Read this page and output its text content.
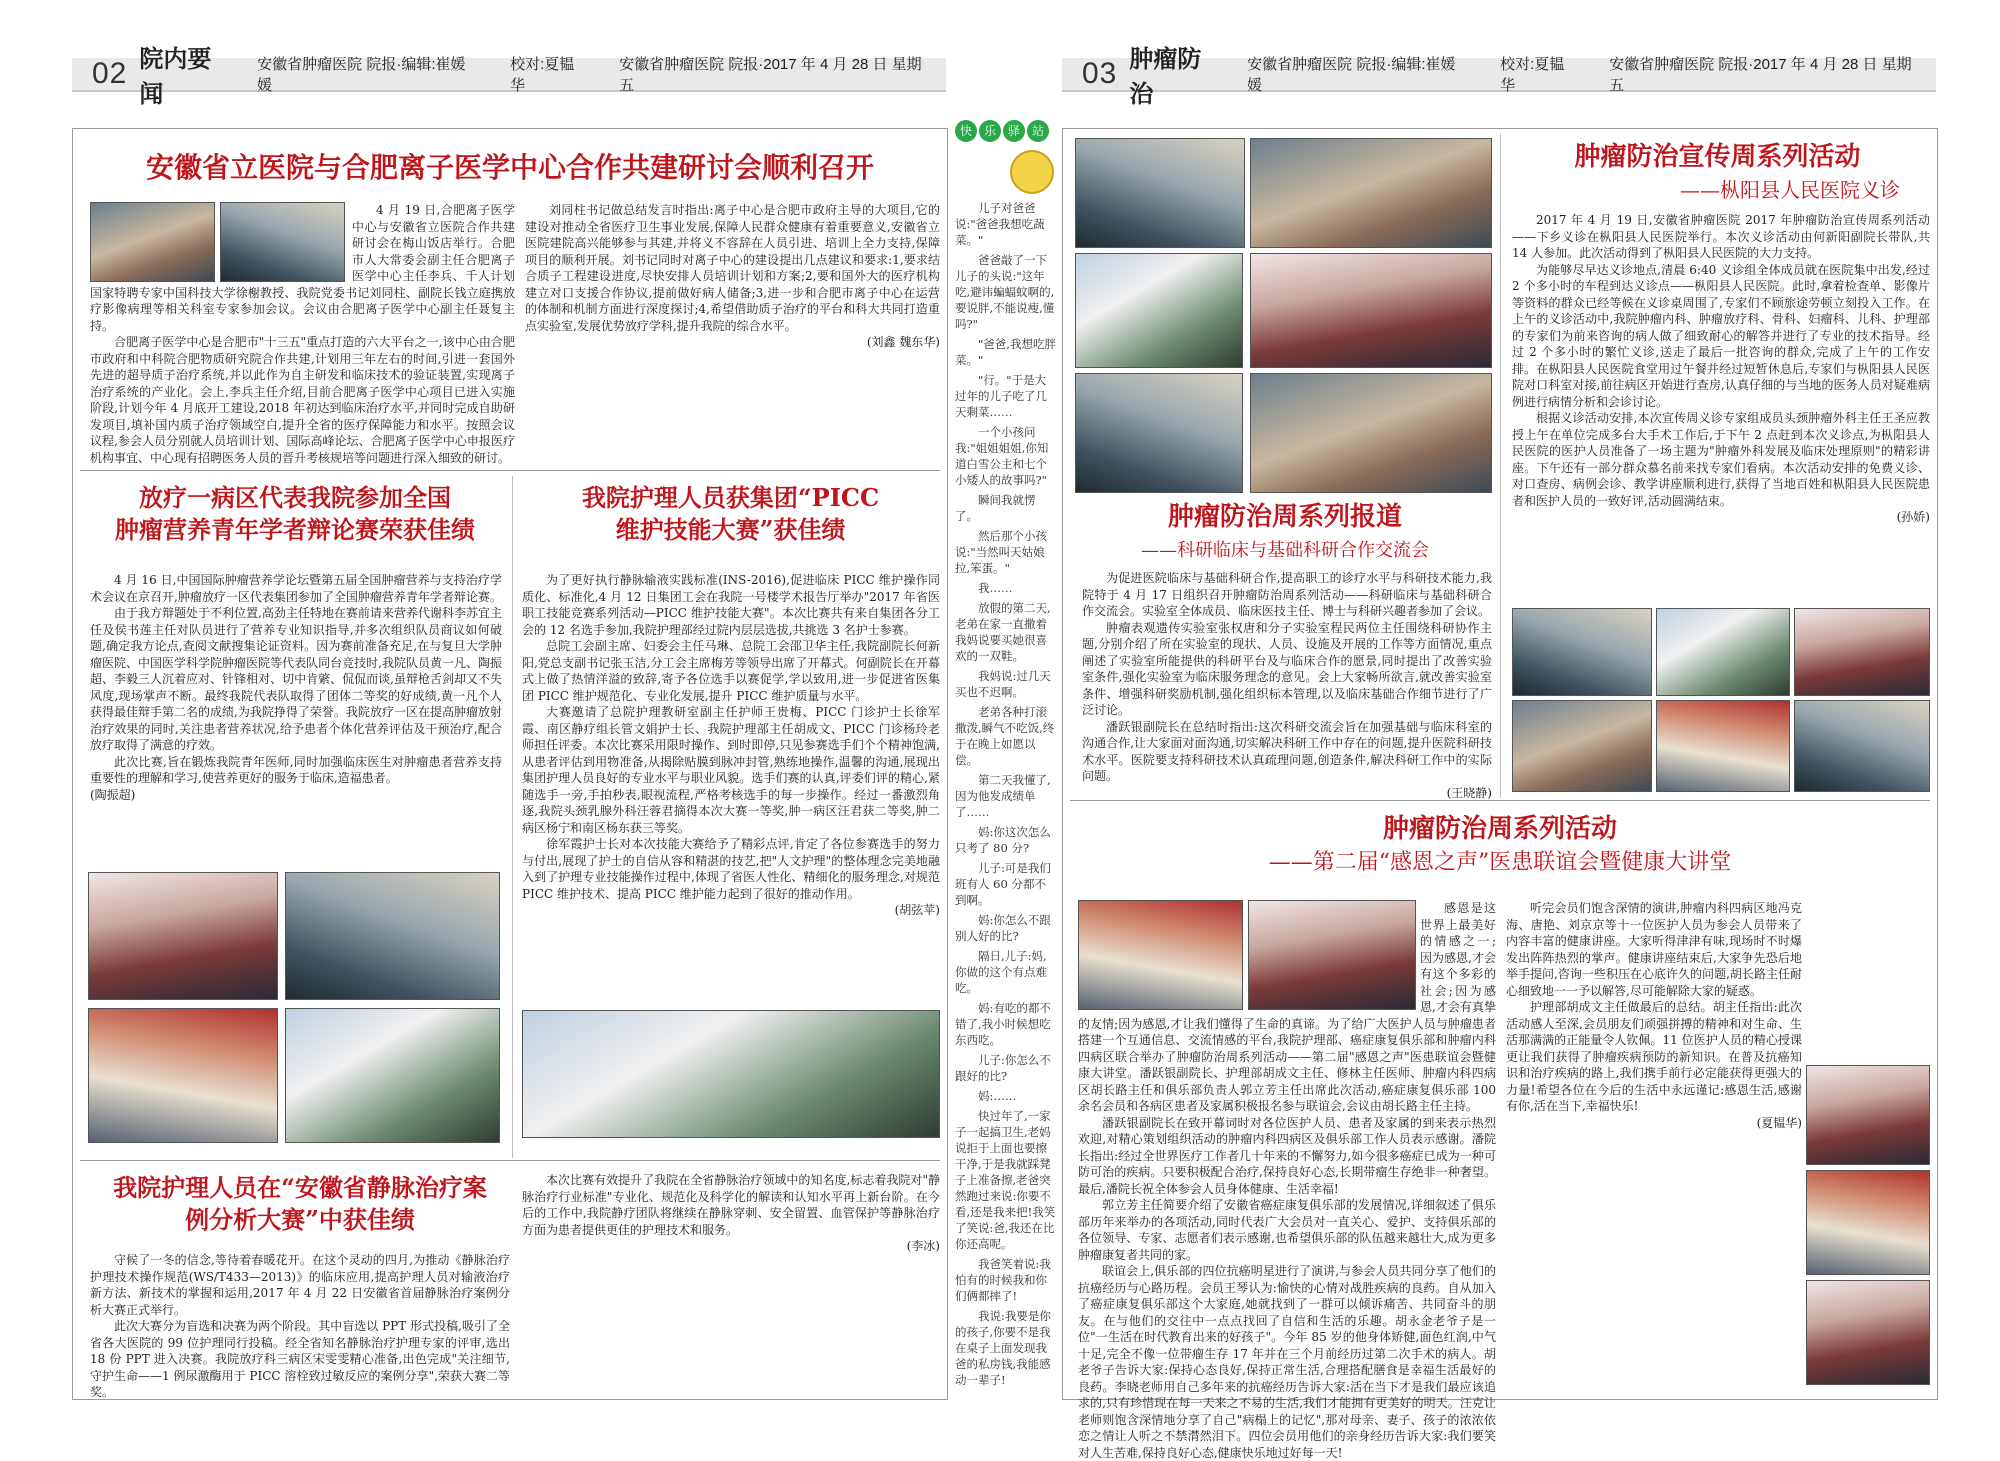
02 院内要闻
安徽省肿瘤医院 院报·编辑:崔媛媛
校对:夏韫华
安徽省肿瘤医院 院报·2017 年 4 月 28 日 星期五
安徽省立医院与合肥离子医学中心合作共建研讨会顺利召开

4 月 19 日,合肥离子医学中心与安徽省立医院合作共建研讨会在梅山饭店举行。合肥市人大常委会副主任合肥离子医学中心主任李兵、千人计划国家特聘专家中国科技大学徐榭教授、我院党委书记刘同柱、副院长钱立庭携放疗影像病理等相关科室专家参加会议。会议由合肥离子医学中心副主任聂复主持。

合肥离子医学中心是合肥市"十三五"重点打造的六大平台之一,该中心由合肥市政府和中科院合肥物质研究院合作共建,计划用三年左右的时间,引进一套国外先进的超导质子治疗系统,并以此作为自主研发和临床技术的验证装置,实现离子治疗系统的产业化。会上,李兵主任介绍,目前合肥离子医学中心项目已进入实施阶段,计划今年 4 月底开工建设,2018 年初达到临床治疗水平,并同时完成自助研发项目,填补国内质子治疗领域空白,提升全省的医疗保障能力和水平。按照会议议程,参会人员分别就人员培训计划、国际高峰论坛、合肥离子医学中心申报医疗机构事宜、中心现有招聘医务人员的晋升考核规培等问题进行深入细致的研讨。

刘同柱书记做总结发言时指出:离子中心是合肥市政府主导的大项目,它的建设对推动全省医疗卫生事业发展,保障人民群众健康有着重要意义,安徽省立医院建院高兴能够参与其建,并将义不容辞在人员引进、培训上全力支持,保障项目的顺利开展。刘书记同时对离子中心的建设提出几点建议和要求:1,要求结合质子工程建设进度,尽快安排人员培训计划和方案;2,要和国外大的医疗机构建立对口支援合作协议,提前做好病人储备;3,进一步和合肥市离子中心在运营的体制和机制方面进行深度探讨;4,希望借助质子治疗的平台和科大共同打造重点实验室,发展优势放疗学科,提升我院的综合水平。

(刘鑫 魏东华)

放疗一病区代表我院参加全国
肿瘤营养青年学者辩论赛荣获佳绩

4 月 16 日,中国国际肿瘤营养学论坛暨第五届全国肿瘤营养与支持治疗学术会议在京召开,肿瘤放疗一区代表集团参加了全国肿瘤营养青年学者辩论赛。

由于我方辩题处于不利位置,高劲主任特地在赛前请来营养代谢科李苏宜主任及侯书莲主任对队员进行了营养专业知识指导,并多次组织队员商议如何破题,确定我方论点,查阅文献搜集论证资料。因为赛前准备充足,在与复旦大学肿瘤医院、中国医学科学院肿瘤医院等代表队同台竞技时,我院队员黄一凡、陶振超、李毅三人沉着应对、针锋相对、切中肯綮、侃侃而谈,虽辩枪舌剑却又不失风度,现场掌声不断。最终我院代表队取得了团体二等奖的好成绩,黄一凡个人获得最佳辩手第二名的成绩,为我院挣得了荣誉。我院放疗一区在提高肿瘤放射治疗效果的同时,关注患者营养状况,给予患者个体化营养评估及干预治疗,配合放疗取得了满意的疗效。

此次比赛,旨在锻炼我院青年医师,同时加强临床医生对肿瘤患者营养支持重要性的理解和学习,使营养更好的服务于临床,造福患者。

(陶振超)

我院护理人员获集团“PICC
维护技能大赛”获佳绩

为了更好执行静脉输液实践标准(INS-2016),促进临床 PICC 维护操作同质化、标准化,4 月 12 日集团工会在我院一号楼学术报告厅举办"2017 年省医职工技能竞赛系列活动—PICC 维护技能大赛"。本次比赛共有来自集团各分工会的 12 名选手参加,我院护理部经过院内层层选拔,共挑选 3 名护士参赛。

总院工会副主席、妇委会主任马琳、总院工会邵卫华主任,我院副院长何新阳,党总支副书记张玉洁,分工会主席梅芳等领导出席了开幕式。何副院长在开幕式上做了热情洋溢的致辞,寄予各位选手以赛促学,学以致用,进一步促进省医集团 PICC 维护规范化、专业化发展,提升 PICC 维护质量与水平。

大赛邀请了总院护理教研室副主任护师王贵梅、PICC 门诊护士长徐军霞、南区静疗组长管文娟护士长、我院护理部主任胡成文、PICC 门诊杨玲老师担任评委。本次比赛采用限时操作、到时即停,只见参赛选手们个个精神饱满,从患者评估到用物准备,从揭除贴膜到脉冲封管,熟练地操作,温馨的沟通,展现出集团护理人员良好的专业水平与职业风貌。选手们赛的认真,评委们评的精心,紧随选手一旁,手拍秒表,眼视流程,严格考核选手的每一步操作。经过一番激烈角逐,我院头颈乳腺外科汪蓉君摘得本次大赛一等奖,肿一病区汪君获二等奖,肿二病区杨宁和南区杨东获三等奖。

徐军霞护士长对本次技能大赛给予了精彩点评,肯定了各位参赛选手的努力与付出,展现了护士的自信从容和精湛的技艺,把"人文护理"的整体理念完美地融入到了护理专业技能操作过程中,体现了省医人性化、精细化的服务理念,对规范 PICC 维护技术、提高 PICC 维护能力起到了很好的推动作用。

(胡弦苹)

我院护理人员在“安徽省静脉治疗案
例分析大赛”中获佳绩

守候了一冬的信念,等待着春暖花开。在这个灵动的四月,为推动《静脉治疗护理技术操作规范(WS/T433—2013)》的临床应用,提高护理人员对输液治疗新方法、新技术的掌握和运用,2017 年 4 月 22 日安徽省首届静脉治疗案例分析大赛正式举行。

此次大赛分为盲选和决赛为两个阶段。其中盲选以 PPT 形式投稿,吸引了全省各大医院的 99 位护理同行投稿。经全省知名静脉治疗护理专家的评审,选出 18 份 PPT 进入决赛。我院放疗科三病区宋雯雯精心准备,出色完成"关注细节,守护生命——1 例尿激酶用于 PICC 溶栓致过敏反应的案例分享",荣获大赛二等奖。

本次比赛有效提升了我院在全省静脉治疗领域中的知名度,标志着我院对"静脉治疗行业标准"专业化、规范化及科学化的解读和认知水平再上新台阶。在今后的工作中,我院静疗团队将继续在静脉穿刺、安全留置、血管保护等静脉治疗方面为患者提供更佳的护理技术和服务。

(李冰)

快 乐 驿 站

儿子对爸爸说:"爸爸我想吃蔬菜。"

爸爸敲了一下儿子的头说:"这年吃,避讳蝙蝠蚊啊的,要说胖,不能说瘦,懂吗?"

"爸爸,我想吃胖菜。"

"行。"于是大过年的儿子吃了几天剩菜……

一个小孩问我:"姐姐姐姐,你知道白雪公主和七个小矮人的故事吗?"

瞬间我就愣了。

然后那个小孩说:"当然叫天姑娘拉,笨蛋。"

我……

放假的第二天,老弟在家一直撒着我妈说要买她很喜欢的一双鞋。

我妈说:过几天买也不迟啊。

老弟各种打滚撒泼,瞬气不吃饭,终于在晚上如愿以偿。

第二天我懂了,因为他发成绩单了……

妈:你这次怎么只考了 80 分?

儿子:可是我们班有人 60 分都不到啊。

妈:你怎么不跟别人好的比?

隔日,儿子:妈,你做的这个有点难吃。

妈:有吃的都不错了,我小时候想吃东西吃。

儿子:你怎么不跟好的比?

妈:……

快过年了,一家子一起搞卫生,老妈说拒于上面也要擦干净,于是我就踩凳子上准备擦,老爸突然跑过来说:你要不看,还是我来把!我笑了笑说:爸,我还在比你还高呢。

我爸笑着说:我怕有的时候我和你们俩都摔了!

我说:我要是你的孩子,你要不是我在桌子上面发现我爸的私房钱,我能感动一辈子!

03 肿瘤防治
安徽省肿瘤医院 院报·编辑:崔媛媛
校对:夏韫华
安徽省肿瘤医院 院报·2017 年 4 月 28 日 星期五
肿瘤防治周系列报道
——科研临床与基础科研合作交流会

为促进医院临床与基础科研合作,提高职工的诊疗水平与科研技术能力,我院特于 4 月 17 日组织召开肿瘤防治周系列活动——科研临床与基础科研合作交流会。实验室全体成员、临床医技主任、博士与科研兴趣者参加了会议。

肿瘤表观遗传实验室张权唐和分子实验室程民两位主任围绕科研协作主题,分别介绍了所在实验室的现状、人员、设施及开展的工作等方面情况,重点阐述了实验室所能提供的科研平台及与临床合作的愿景,同时提出了改善实验室条件,强化实验室为临床服务理念的意见。会上大家畅所欲言,就改善实验室条件、增强科研奖励机制,强化组织标本管理,以及临床基础合作细节进行了广泛讨论。

潘跃银副院长在总结时指出:这次科研交流会旨在加强基础与临床科室的沟通合作,让大家面对面沟通,切实解决科研工作中存在的问题,提升医院科研技术水平。医院要支持科研技术认真疏理问题,创造条件,解决科研工作中的实际问题。

(王晓静)

肿瘤防治宣传周系列活动
——枞阳县人民医院义诊

2017 年 4 月 19 日,安徽省肿瘤医院 2017 年肿瘤防治宣传周系列活动——下乡义诊在枞阳县人民医院举行。本次义诊活动由何新阳副院长带队,共 14 人参加。此次活动得到了枞阳县人民医院的大力支持。

为能够尽早达义诊地点,清晨 6:40 义诊组全体成员就在医院集中出发,经过 2 个多小时的车程到达义诊点——枞阳县人民医院。此时,拿着检查单、影像片等资料的群众已经等候在义诊桌周围了,专家们不顾旅途劳顿立刻投入工作。在上午的义诊活动中,我院肿瘤内科、肿瘤放疗科、骨科、妇瘤科、儿科、护理部的专家们为前来咨询的病人做了细致耐心的解答并进行了专业的技术指导。经过 2 个多小时的繁忙义诊,送走了最后一批咨询的群众,完成了上午的工作安排。在枞阳县人民医院食堂用过午餐并经过短暂休息后,专家们与枞阳县人民医院对口科室对接,前往病区开始进行查房,认真仔细的与当地的医务人员对疑难病例进行病情分析和会诊讨论。

根据义诊活动安排,本次宣传周义诊专家组成员头颈肿瘤外科主任王圣应教授上午在单位完成多台大手术工作后,于下午 2 点赶到本次义诊点,为枞阳县人民医院的医护人员准备了一场主题为"肿瘤外科发展及临床处理原则"的精彩讲座。下午还有一部分群众慕名前来找专家们看病。本次活动安排的免费义诊、对口查房、病例会诊、教学讲座顺利进行,获得了当地百姓和枞阳县人民医院患者和医护人员的一致好评,活动圆满结束。

(孙娇)

肿瘤防治周系列活动
——第二届“感恩之声”医患联谊会暨健康大讲堂

感恩是这世界上最美好的情感之一;因为感恩,才会有这个多彩的社会;因为感恩,才会有真挚的友情;因为感恩,才让我们懂得了生命的真谛。为了给广大医护人员与肿瘤患者搭建一个互通信息、交流情感的平台,我院护理部、癌症康复俱乐部和肿瘤内科四病区联合举办了肿瘤防治周系列活动——第二届"感恩之声"医患联谊会暨健康大讲堂。潘跃银副院长、护理部胡成文主任、修林主任医师、肿瘤内科四病区胡长路主任和俱乐部负责人郭立芳主任出席此次活动,癌症康复俱乐部 100 余名会员和各病区患者及家属积极报名参与联谊会,会议由胡长路主任主持。

潘跃银副院长在致开幕词时对各位医护人员、患者及家属的到来表示热烈欢迎,对精心策划组织活动的肿瘤内科四病区及俱乐部工作人员表示感谢。潘院长指出:经过全世界医疗工作者几十年来的不懈努力,如今很多癌症已成为一种可防可治的疾病。只要积极配合治疗,保持良好心态,长期带瘤生存绝非一种奢望。最后,潘院长祝全体参会人员身体健康、生活幸福!

郭立芳主任简要介绍了安徽省癌症康复俱乐部的发展情况,详细叙述了俱乐部历年来举办的各项活动,同时代表广大会员对一直关心、爱护、支持俱乐部的各位领导、专家、志愿者们表示感谢,也希望俱乐部的队伍越来越壮大,成为更多肿瘤康复者共同的家。

联谊会上,俱乐部的四位抗癌明星进行了演讲,与参会人员共同分享了他们的抗癌经历与心路历程。会员王琴认为:愉快的心情对战胜疾病的良药。自从加入了癌症康复俱乐部这个大家庭,她就找到了一群可以倾诉痛苦、共同奋斗的朋友。在与他们的交往中一点点找回了自信和生活的乐趣。胡永金老爷子是一位"一生活在时代教育出来的好孩子"。今年 85 岁的他身体矫健,面色红润,中气十足,完全不像一位带瘤生存 17 年并在三个月前经历过第二次手术的病人。胡老爷子告诉大家:保持心态良好,保持正常生活,合理搭配膳食是幸福生活最好的良药。李晓老师用自己多年来的抗癌经历告诉大家:活在当下才是我们最应该追求的,只有珍惜现在每一天来之不易的生活,我们才能拥有更美好的明天。汪克让老师则饱含深情地分享了自己"病榻上的记忆",那对母亲、妻子、孩子的浓浓依恋之情让人听之不禁潸然泪下。四位会员用他们的亲身经历告诉大家:我们要笑对人生苦难,保持良好心态,健康快乐地过好每一天!

听完会员们饱含深情的演讲,肿瘤内科四病区地冯克海、唐艳、刘京京等十一位医护人员为参会人员带来了内容丰富的健康讲座。大家听得津津有味,现场时不时爆发出阵阵热烈的掌声。健康讲座结束后,大家争先恐后地举手提问,咨询一些积压在心底许久的问题,胡长路主任耐心细致地一一予以解答,尽可能解除大家的疑惑。

护理部胡成文主任做最后的总结。胡主任指出:此次活动感人至深,会员朋友们顽强拼搏的精神和对生命、生活那满满的正能量令人钦佩。11 位医护人员的精心授课更让我们获得了肿瘤疾病预防的新知识。在普及抗癌知识和治疗疾病的路上,我们携手前行必定能获得更强大的力量!希望各位在今后的生活中永远谨记:感恩生活,感谢有你,活在当下,幸福快乐!

(夏韫华)
